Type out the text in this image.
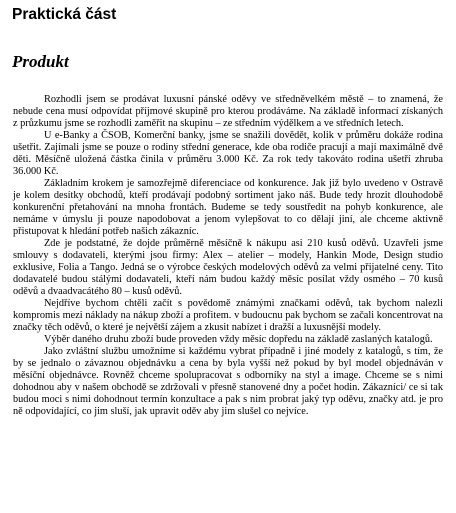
Praktická část
Produkt

Rozhodli jsem se prodávat luxusní pánské oděvy ve středněvelkém městě – to znamená, že nebude cena musí odpovídat příjmové skupině pro kterou prodáváme. Na základě informací získaných z průzkumu jsme se rozhodli zaměřit na skupinu – ze středním výdělkem a ve středních letech.

U e-Banky a ČSOB, Komerční banky, jsme se snažili dovědět, kolik v průměru dokáže rodina ušetřit. Zajímali jsme se pouze o rodiny střední generace, kde oba rodiče pracují a mají maximálně dvě děti. Měsíčně uložená částka činila v průměru 3.000 Kč. Za rok tedy takováto rodina ušetří zhruba 36.000 Kč.

Základním krokem je samozřejmě diferenciace od konkurence. Jak již bylo uvedeno v Ostravě je kolem desítky obchodů, kteří prodávají podobný sortiment jako náš. Bude tedy hrozit dlouhodobě konkurenční přetahování na mnoha frontách. Budeme se tedy soustředit na pohyb konkurence, ale nemáme v úmyslu ji pouze napodobovat a jenom vylepšovat to co dělají jiní, ale chceme aktivně přistupovat k hledání potřeb našich zákazníc.

Zde je podstatné, že dojde průměrně měsíčně k nákupu asi 210 kusů oděvů. Uzavřeli jsme smlouvy s dodavateli, kterými jsou firmy: Alex – atelier – modely, Hankin Mode, Design studio exklusive, Folia a Tango. Jedná se o výrobce českých modelových oděvů za velmi přijatelné ceny. Tito dodavatelé budou stálými dodavateli, kteří nám budou každý měsíc posílat vždy osmého – 70 kusů oděvů a dvaadvacátého 80 – kusů oděvů.

Nejdříve bychom chtěli začít s povědomě známými značkami oděvů, tak bychom nalezli kompromis mezi náklady na nákup zboží a profitem. v budoucnu pak bychom se začali koncentrovat na značky těch oděvů, o které je největší zájem a zkusit nabízet i dražší a luxusnější modely.

Výběr daného druhu zboží bude proveden vždy měsíc dopředu na základě zaslaných katalogů.

Jako zvláštní službu umožníme si každému vybrat případně i jiné modely z katalogů, s tím, že by se jednalo o závaznou objednávku a cena by byla vyšší než pokud by byl model objednáván v měsíční objednávce. Rovněž chceme spolupracovat s odborníky na styl a image. Chceme se s nimi dohodnou aby v našem obchodě se zdržovali v přesně stanovené dny a počet hodin. Zákazníci/ ce si tak budou moci s nimi dohodnout termín konzultace a pak s nim probrat jaký typ oděvu, značky atd. je pro ně odpovídající, co jim sluší, jak upravit oděv aby jim slušel co nejvíce.
